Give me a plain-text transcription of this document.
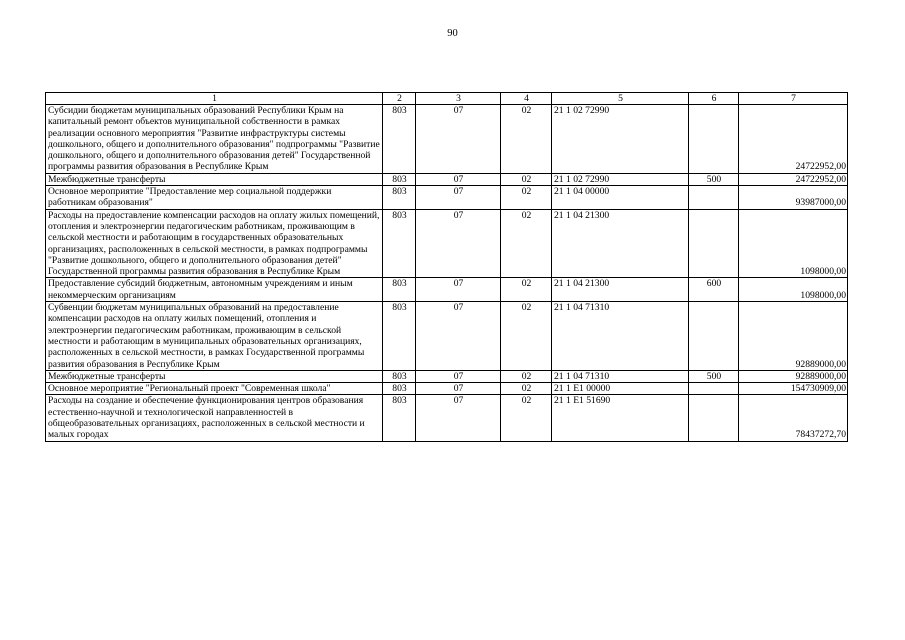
90
1	2	3	4	5	6	7
Субсидии бюджетам муниципальных образований Республики Крым на капитальный ремонт объектов муниципальной собственности в рамках реализации основного мероприятия "Развитие инфраструктуры системы дошкольного, общего и дополнительного образования" подпрограммы "Развитие дошкольного, общего и дополнительного образования детей" Государственной программы развития образования в Республике Крым	803	07	02	21 1 02 72990		24722952,00
Межбюджетные трансферты	803	07	02	21 1 02 72990	500	24722952,00
Основное мероприятие "Предоставление мер социальной поддержки работникам образования"	803	07	02	21 1 04 00000		93987000,00
Расходы на предоставление компенсации расходов на оплату жилых помещений, отопления и электроэнергии педагогическим работникам, проживающим в сельской местности и работающим в государственных образовательных организациях, расположенных в сельской местности, в рамках подпрограммы "Развитие дошкольного, общего и дополнительного образования детей" Государственной программы развития образования в Республике Крым	803	07	02	21 1 04 21300		1098000,00
Предоставление субсидий бюджетным, автономным учреждениям и иным некоммерческим организациям	803	07	02	21 1 04 21300	600	1098000,00
Субвенции бюджетам муниципальных образований на предоставление компенсации расходов на оплату жилых помещений, отопления и электроэнергии педагогическим работникам, проживающим в сельской местности и работающим в муниципальных образовательных организациях, расположенных в сельской местности, в рамках Государственной программы развития образования в Республике Крым	803	07	02	21 1 04 71310		92889000,00
Межбюджетные трансферты	803	07	02	21 1 04 71310	500	92889000,00
Основное мероприятие "Региональный проект "Современная школа"	803	07	02	21 1 E1 00000		154730909,00
Расходы на создание и обеспечение функционирования центров образования естественно-научной и технологической направленностей в общеобразовательных организациях, расположенных в сельской местности и малых городах	803	07	02	21 1 E1 51690		78437272,70
